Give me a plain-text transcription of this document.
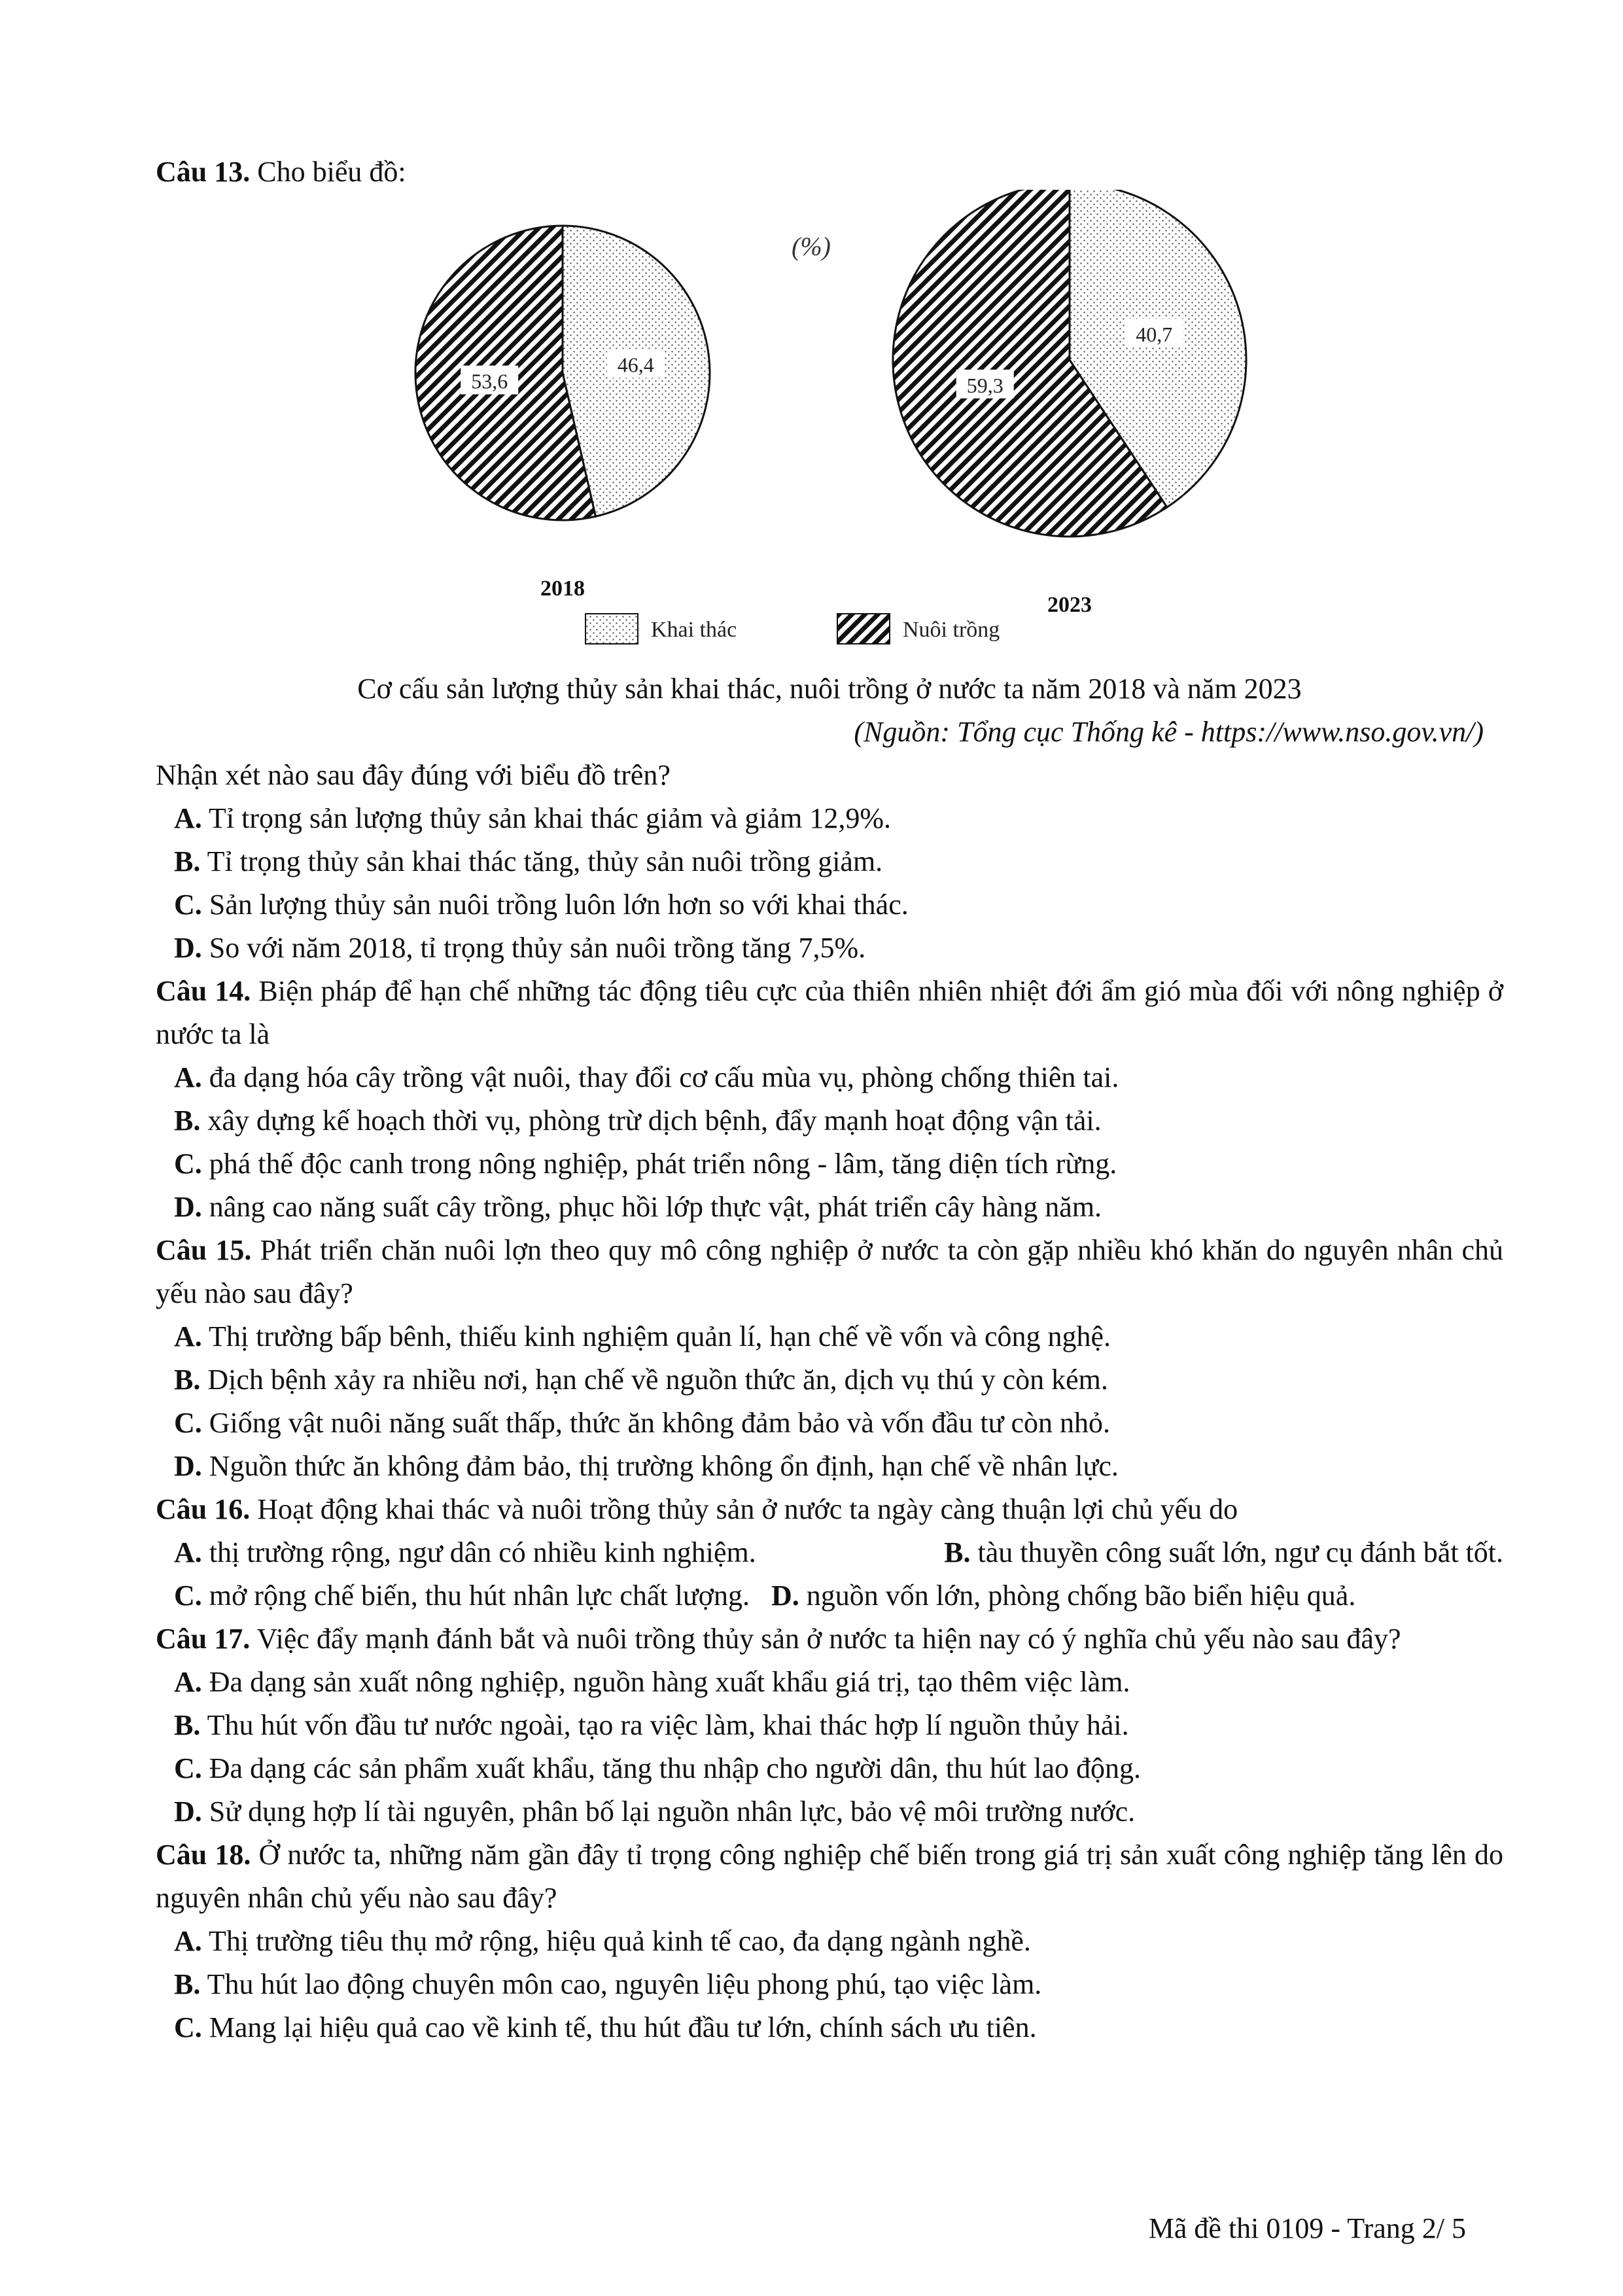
Câu 13. Cho biểu đồ:
(%)
46,4
53,6
2018
40,7
59,3
2023
Khai thác	Nuôi trồng
Cơ cấu sản lượng thủy sản khai thác, nuôi trồng ở nước ta năm 2018 và năm 2023
(Nguồn: Tổng cục Thống kê - https://www.nso.gov.vn/)
Nhận xét nào sau đây đúng với biểu đồ trên?
A. Tỉ trọng sản lượng thủy sản khai thác giảm và giảm 12,9%.
B. Tỉ trọng thủy sản khai thác tăng, thủy sản nuôi trồng giảm.
C. Sản lượng thủy sản nuôi trồng luôn lớn hơn so với khai thác.
D. So với năm 2018, tỉ trọng thủy sản nuôi trồng tăng 7,5%.
Câu 14. Biện pháp để hạn chế những tác động tiêu cực của thiên nhiên nhiệt đới ẩm gió mùa đối với nông nghiệp ở nước ta là
A. đa dạng hóa cây trồng vật nuôi, thay đổi cơ cấu mùa vụ, phòng chống thiên tai.
B. xây dựng kế hoạch thời vụ, phòng trừ dịch bệnh, đẩy mạnh hoạt động vận tải.
C. phá thế độc canh trong nông nghiệp, phát triển nông - lâm, tăng diện tích rừng.
D. nâng cao năng suất cây trồng, phục hồi lớp thực vật, phát triển cây hàng năm.
Câu 15. Phát triển chăn nuôi lợn theo quy mô công nghiệp ở nước ta còn gặp nhiều khó khăn do nguyên nhân chủ yếu nào sau đây?
A. Thị trường bấp bênh, thiếu kinh nghiệm quản lí, hạn chế về vốn và công nghệ.
B. Dịch bệnh xảy ra nhiều nơi, hạn chế về nguồn thức ăn, dịch vụ thú y còn kém.
C. Giống vật nuôi năng suất thấp, thức ăn không đảm bảo và vốn đầu tư còn nhỏ.
D. Nguồn thức ăn không đảm bảo, thị trường không ổn định, hạn chế về nhân lực.
Câu 16. Hoạt động khai thác và nuôi trồng thủy sản ở nước ta ngày càng thuận lợi chủ yếu do
A. thị trường rộng, ngư dân có nhiều kinh nghiệm.	B. tàu thuyền công suất lớn, ngư cụ đánh bắt tốt.
C. mở rộng chế biến, thu hút nhân lực chất lượng. D. nguồn vốn lớn, phòng chống bão biển hiệu quả.
Câu 17. Việc đẩy mạnh đánh bắt và nuôi trồng thủy sản ở nước ta hiện nay có ý nghĩa chủ yếu nào sau đây?
A. Đa dạng sản xuất nông nghiệp, nguồn hàng xuất khẩu giá trị, tạo thêm việc làm.
B. Thu hút vốn đầu tư nước ngoài, tạo ra việc làm, khai thác hợp lí nguồn thủy hải.
C. Đa dạng các sản phẩm xuất khẩu, tăng thu nhập cho người dân, thu hút lao động.
D. Sử dụng hợp lí tài nguyên, phân bố lại nguồn nhân lực, bảo vệ môi trường nước.
Câu 18. Ở nước ta, những năm gần đây tỉ trọng công nghiệp chế biến trong giá trị sản xuất công nghiệp tăng lên do nguyên nhân chủ yếu nào sau đây?
A. Thị trường tiêu thụ mở rộng, hiệu quả kinh tế cao, đa dạng ngành nghề.
B. Thu hút lao động chuyên môn cao, nguyên liệu phong phú, tạo việc làm.
C. Mang lại hiệu quả cao về kinh tế, thu hút đầu tư lớn, chính sách ưu tiên.
Mã đề thi 0109 - Trang 2/ 5
